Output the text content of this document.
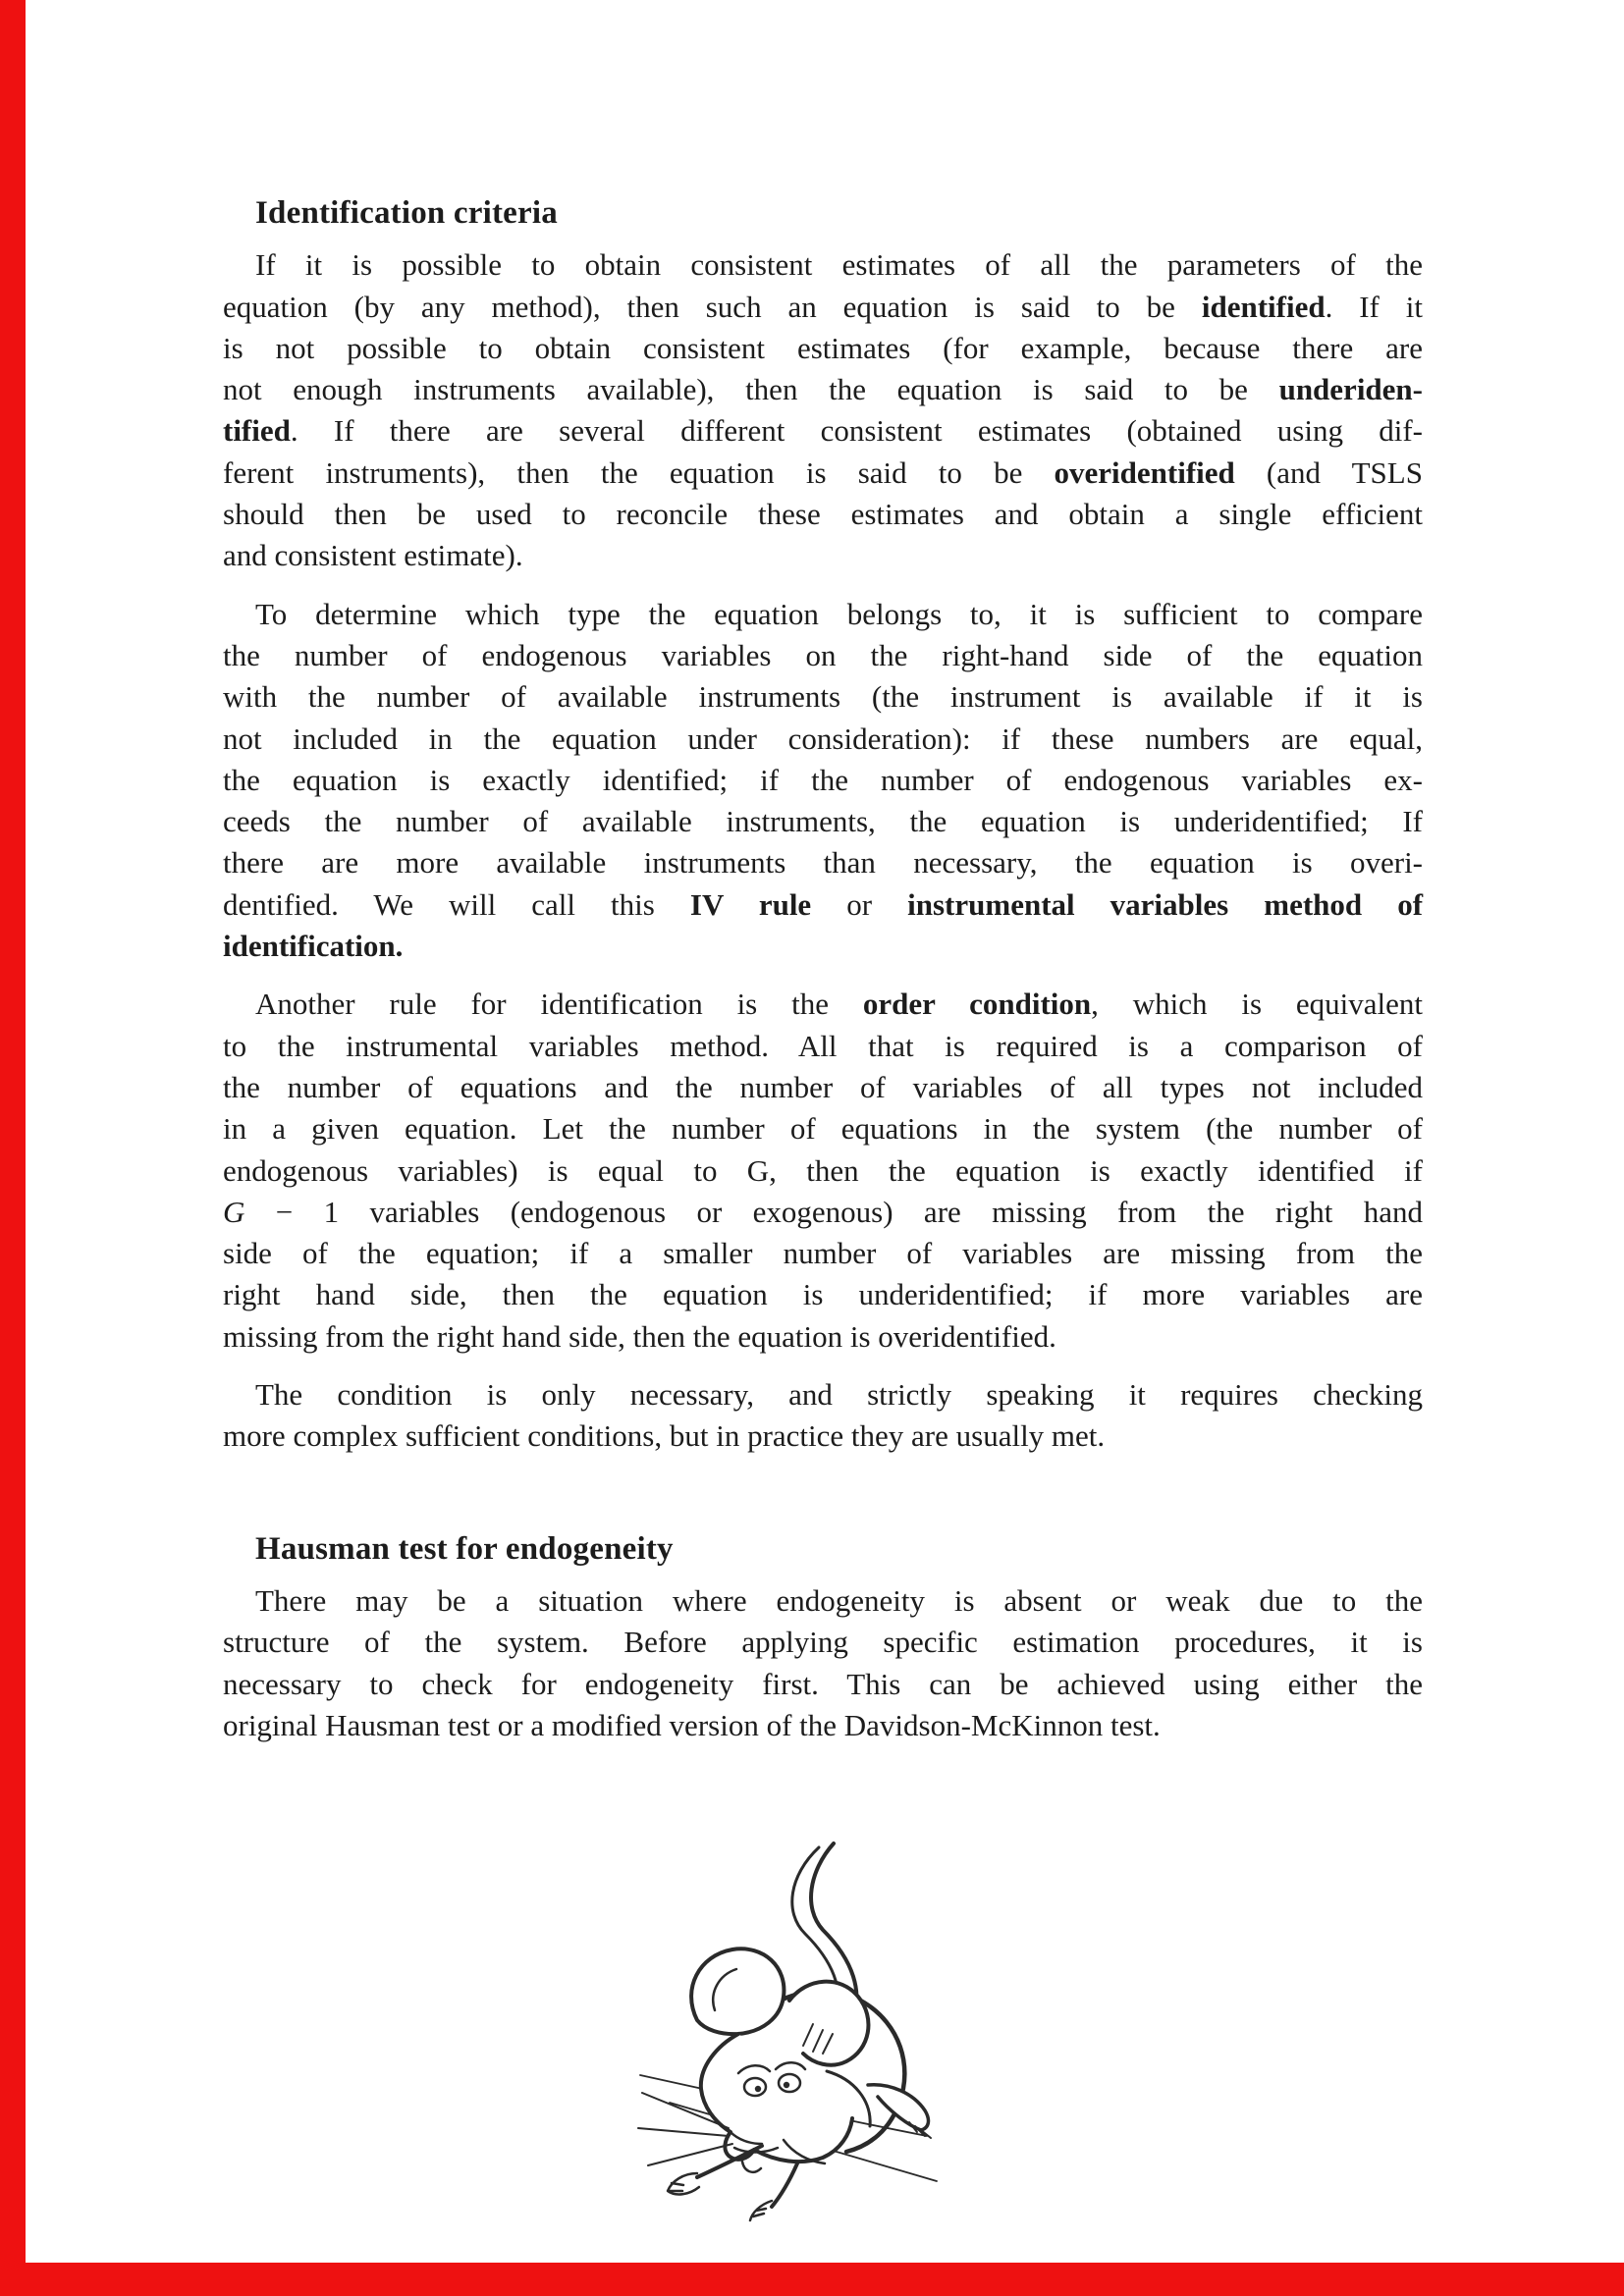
Identification criteria
If it is possible to obtain consistent estimates of all the parameters of the
equation (by any method), then such an equation is said to be identified. If it
is not possible to obtain consistent estimates (for example, because there are
not enough instruments available), then the equation is said to be underiden-
tified. If there are several different consistent estimates (obtained using dif-
ferent instruments), then the equation is said to be overidentified (and TSLS
should then be used to reconcile these estimates and obtain a single efficient
and consistent estimate).
To determine which type the equation belongs to, it is sufficient to compare
the number of endogenous variables on the right-hand side of the equation
with the number of available instruments (the instrument is available if it is
not included in the equation under consideration): if these numbers are equal,
the equation is exactly identified; if the number of endogenous variables ex-
ceeds the number of available instruments, the equation is underidentified; If
there are more available instruments than necessary, the equation is overi-
dentified. We will call this IV rule or instrumental variables method of
identification.
Another rule for identification is the order condition, which is equivalent
to the instrumental variables method. All that is required is a comparison of
the number of equations and the number of variables of all types not included
in a given equation. Let the number of equations in the system (the number of
endogenous variables) is equal to G, then the equation is exactly identified if
G − 1 variables (endogenous or exogenous) are missing from the right hand
side of the equation; if a smaller number of variables are missing from the
right hand side, then the equation is underidentified; if more variables are
missing from the right hand side, then the equation is overidentified.
The condition is only necessary, and strictly speaking it requires checking
more complex sufficient conditions, but in practice they are usually met.
Hausman test for endogeneity
There may be a situation where endogeneity is absent or weak due to the
structure of the system. Before applying specific estimation procedures, it is
necessary to check for endogeneity first. This can be achieved using either the
original Hausman test or a modified version of the Davidson-McKinnon test.
